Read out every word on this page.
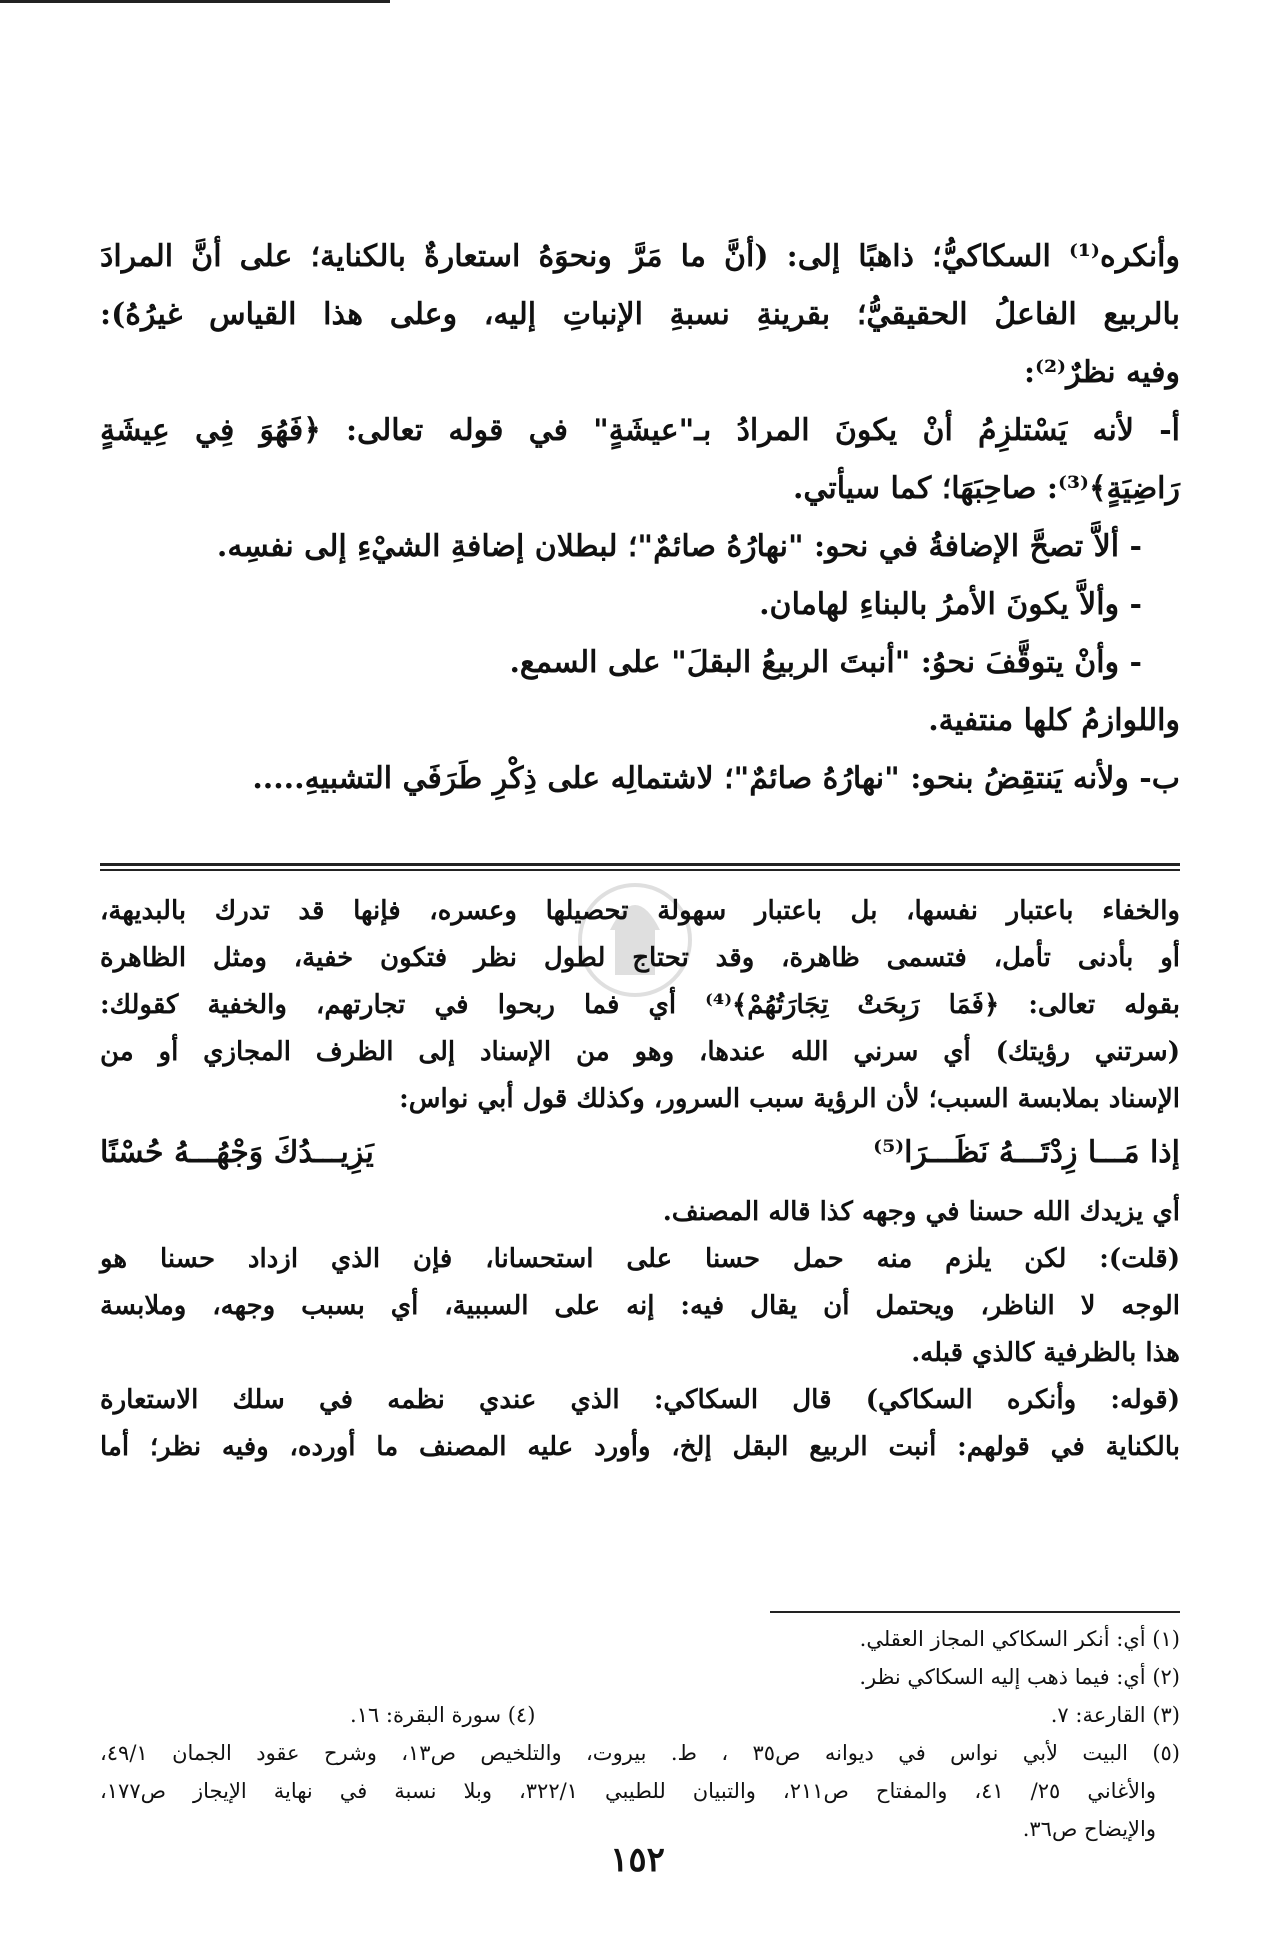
وأنكره⁽¹⁾ السكاكيُّ؛ ذاهبًا إلى: (أنَّ ما مَرَّ ونحوَهُ استعارةٌ بالكناية؛ على أنَّ المرادَ

بالربيع الفاعلُ الحقيقيُّ؛ بقرينةِ نسبةِ الإنباتِ إليه، وعلى هذا القياس غيرُهُ):

وفيه نظرٌ⁽²⁾:

أ- لأنه يَسْتلزِمُ أنْ يكونَ المرادُ بـ"عيشَةٍ" في قوله تعالى: ﴿فَهُوَ فِي عِيشَةٍ

رَاضِيَةٍ﴾⁽³⁾: صاحِبَهَا؛ كما سيأتي.

- ألاَّ تصحَّ الإضافةُ في نحو: "نهارُهُ صائمٌ"؛ لبطلان إضافةِ الشيْءِ إلى نفسِه.

- وألاَّ يكونَ الأمرُ بالبناءِ لهامان.

- وأنْ يتوقَّفَ نحوُ: "أنبتَ الربيعُ البقلَ" على السمع.

واللوازمُ كلها منتفية.

ب- ولأنه يَنتقِضُ بنحو: "نهارُهُ صائمٌ"؛ لاشتمالِه على ذِكْرِ طَرَفَي التشبيهِ.....

والخفاء باعتبار نفسها، بل باعتبار سهولة تحصيلها وعسره، فإنها قد تدرك بالبديهة،

أو بأدنى تأمل، فتسمى ظاهرة، وقد تحتاج لطول نظر فتكون خفية، ومثل الظاهرة

بقوله تعالى: ﴿فَمَا رَبِحَتْ تِجَارَتُهُمْ﴾⁽⁴⁾ أي فما ربحوا في تجارتهم، والخفية كقولك:

(سرتني رؤيتك) أي سرني الله عندها، وهو من الإسناد إلى الظرف المجازي أو من

الإسناد بملابسة السبب؛ لأن الرؤية سبب السرور، وكذلك قول أبي نواس:

إذا مَـــا زِدْتَـــهُ نَظَـــرَا⁽⁵⁾
يَزِيـــدُكَ وَجْهُـــهُ حُسْنًا

أي يزيدك الله حسنا في وجهه كذا قاله المصنف.

(قلت): لكن يلزم منه حمل حسنا على استحسانا، فإن الذي ازداد حسنا هو

الوجه لا الناظر، ويحتمل أن يقال فيه: إنه على السببية، أي بسبب وجهه، وملابسة

هذا بالظرفية كالذي قبله.

(قوله: وأنكره السكاكي) قال السكاكي: الذي عندي نظمه في سلك الاستعارة

بالكناية في قولهم: أنبت الربيع البقل إلخ، وأورد عليه المصنف ما أورده، وفيه نظر؛ أما

(١) أي: أنكر السكاكي المجاز العقلي.

(٢) أي: فيما ذهب إليه السكاكي نظر.

(٣) القارعة: ٧.

(٤) سورة البقرة: ١٦.

(٥) البيت لأبي نواس في ديوانه ص٣٥ ، ط. بيروت، والتلخيص ص١٣، وشرح عقود الجمان ٤٩/١،

والأغاني ٢٥/ ٤١، والمفتاح ص٢١١، والتبيان للطيبي ٣٢٢/١، وبلا نسبة في نهاية الإيجاز ص١٧٧،

والإيضاح ص٣٦.

١٥٢
